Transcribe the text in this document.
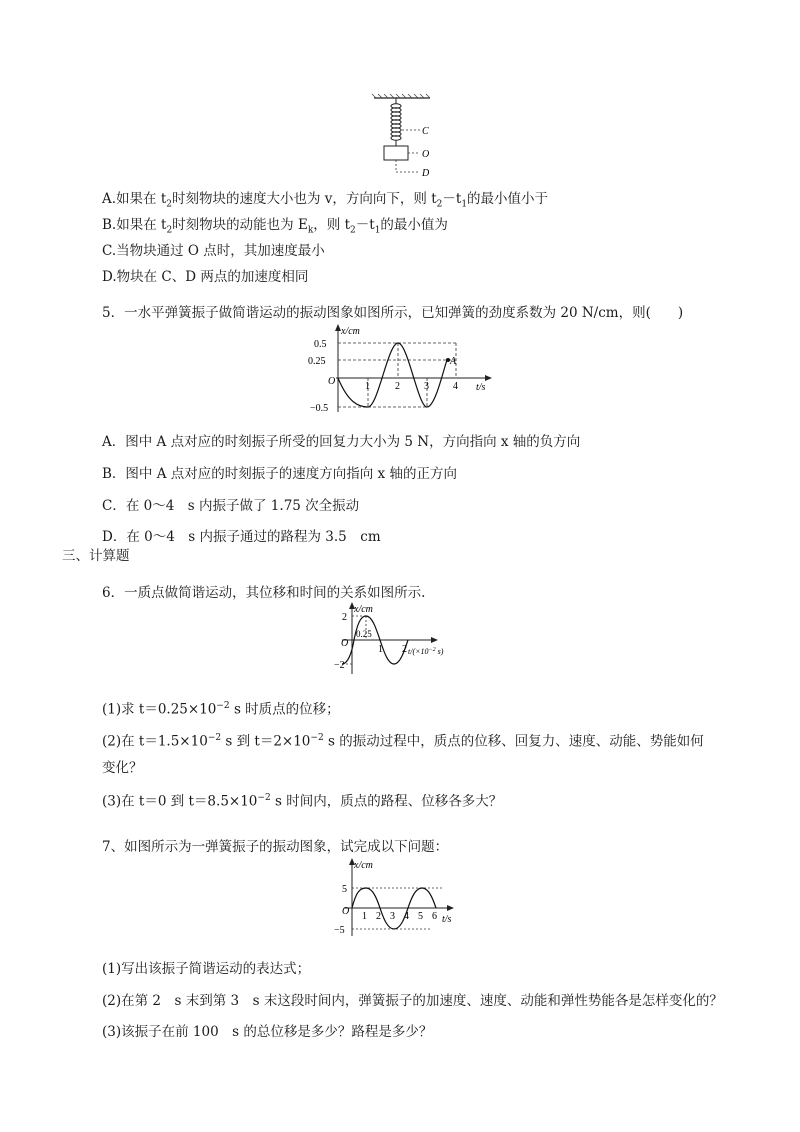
C
O
D
A.如果在 $t_2$时刻物块的速度大小也为 v，方向向下，则 $t_2-t_1$的最小值小于
B.如果在 $t_2$时刻物块的动能也为 $E_k$，则 $t_2-t_1$的最小值为
C.当物块通过 O 点时，其加速度最小
D.物块在 C、D 两点的加速度相同
5．一水平弹簧振子做简谐运动的振动图象如图所示，已知弹簧的劲度系数为 20 N/cm，则(　　)
x/cm
t/s
O
0.5
0.25
−0.5
1	2 3 4
A
A．图中 A 点对应的时刻振子所受的回复力大小为 5 N，方向指向 x 轴的负方向
B．图中 A 点对应的时刻振子的速度方向指向 x 轴的正方向
C．在 0～4　s 内振子做了 1.75 次全振动
D．在 0～4　s 内振子通过的路程为 3.5　cm
三、计算题
6．一质点做简谐运动，其位移和时间的关系如图所示.
x/cm
$t/(\times 10^{-2}$ s)
O
2
−2
0.25
1 2
(1)求 $t=0.25\times 10^{-2}$ s 时质点的位移；
(2)在 $t=1.5\times 10^{-2}$ s 到 $t=2\times 10^{-2}$ s 的振动过程中，质点的位移、回复力、速度、动能、势能如何
变化？
(3)在 t＝0 到 $t=8.5\times 10^{-2}$ s 时间内，质点的路程、位移各多大？
7、如图所示为一弹簧振子的振动图象，试完成以下问题：
x/cm
t/s
O
5
−5
1 2 3 4 5 6
(1)写出该振子简谐运动的表达式；
(2)在第 2　s 末到第 3　s 末这段时间内，弹簧振子的加速度、速度、动能和弹性势能各是怎样变化的？
(3)该振子在前 100　s 的总位移是多少？路程是多少？
